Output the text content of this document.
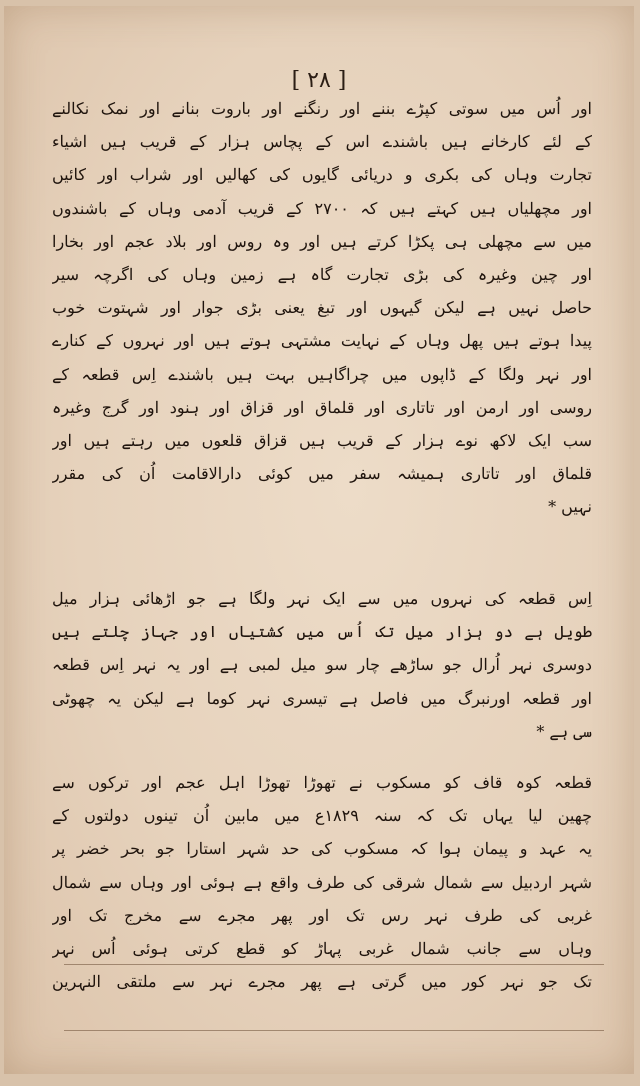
[ ٢٨ ]
اور اُس میں سوتی کپڑے بننے اور رنگنے اور باروت بنانے اور نمک نکالنے
کے لئے کارخانے ہیں باشندے اس کے پچاس ہزار کے قریب ہیں اشیاء
تجارت وہاں کی بکری و دریائی گایوں کی کھالیں اور شراب اور کائیں
اور مچھلیاں ہیں کہتے ہیں کہ ٢٧٠٠ کے قریب آدمی وہاں کے باشندوں
میں سے مچھلی ہی پکڑا کرتے ہیں اور وہ روس اور بلاد عجم اور بخارا
اور چین وغیرہ کی بڑی تجارت گاہ ہے زمین وہاں کی اگرچہ سیر
حاصل نہیں ہے لیکن گیہوں اور تبغ یعنی بڑی جوار اور شہتوت خوب
پیدا ہوتے ہیں پھل وہاں کے نہایت مشتہی ہوتے ہیں اور نہروں کے کنارے
اور نہر ولگا کے ڈاپوں میں چراگاہیں بہت ہیں باشندے اِس قطعہ کے
روسی اور ارمن اور تاتاری اور قلماق اور قزاق اور ہنود اور گرج وغیرہ
سب ایک لاکھ نوے ہزار کے قریب ہیں قزاق قلعوں میں رہتے ہیں اور
قلماق اور تاتاری ہمیشہ سفر میں کوئی دارالاقامت اُن کی مقرر
نہیں *
اِس قطعہ کی نہروں میں سے ایک نہر ولگا ہے جو اڑھائی ہزار میل
طویل ہے دو ہزار میل تک اُس میں کشتیاں اور جہاز چلتے ہیں
دوسری نہر اُرال جو ساڑھے چار سو میل لمبی ہے اور یہ نہر اِس قطعہ
اور قطعہ اورنبرگ میں فاصل ہے تیسری نہر کوما ہے لیکن یہ چھوٹی
سی ہے *
قطعہ کوہ قاف کو مسکوب نے تھوڑا تھوڑا اہل عجم اور ترکوں سے
چھین لیا یہاں تک کہ سنہ ١٨٢٩ع میں مابین اُن تینوں دولتوں کے
یہ عہد و پیمان ہوا کہ مسکوب کی حد شہر استارا جو بحر خضر پر
شہر اردبیل سے شمال شرقی کی طرف واقع ہے ہوئی اور وہاں سے شمال
غربی کی طرف نہر رس تک اور پھر مجرے سے مخرج تک اور
وہاں سے جانب شمال غربی پہاڑ کو قطع کرتی ہوئی اُس نہر
تک جو نہر کور میں گرتی ہے پھر مجرے نہر سے ملتقی النہرین
